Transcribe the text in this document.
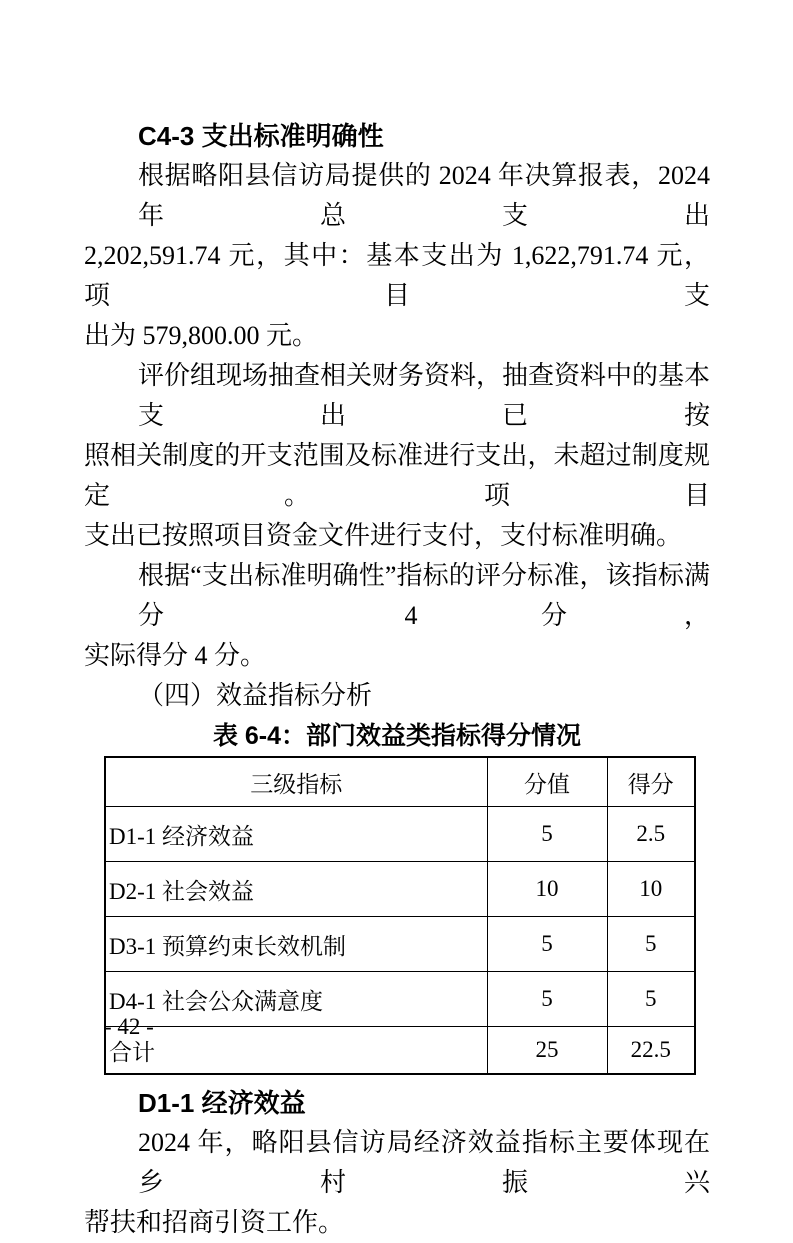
C4-3 支出标准明确性
根据略阳县信访局提供的 2024 年决算报表，2024 年总支出
2,202,591.74 元，其中：基本支出为 1,622,791.74 元，项目支
出为 579,800.00 元。
评价组现场抽查相关财务资料，抽查资料中的基本支出已按
照相关制度的开支范围及标准进行支出，未超过制度规定。项目
支出已按照项目资金文件进行支付，支付标准明确。
根据“支出标准明确性”指标的评分标准，该指标满分 4 分，
实际得分 4 分。
（四）效益指标分析
表 6-4：部门效益类指标得分情况
三级指标	分值	得分
D1-1 经济效益	5	2.5
D2-1 社会效益	10	10
D3-1 预算约束长效机制	5	5
D4-1 社会公众满意度	5	5
合计	25	22.5
D1-1 经济效益
2024 年，略阳县信访局经济效益指标主要体现在乡村振兴
帮扶和招商引资工作。
- 42 -
